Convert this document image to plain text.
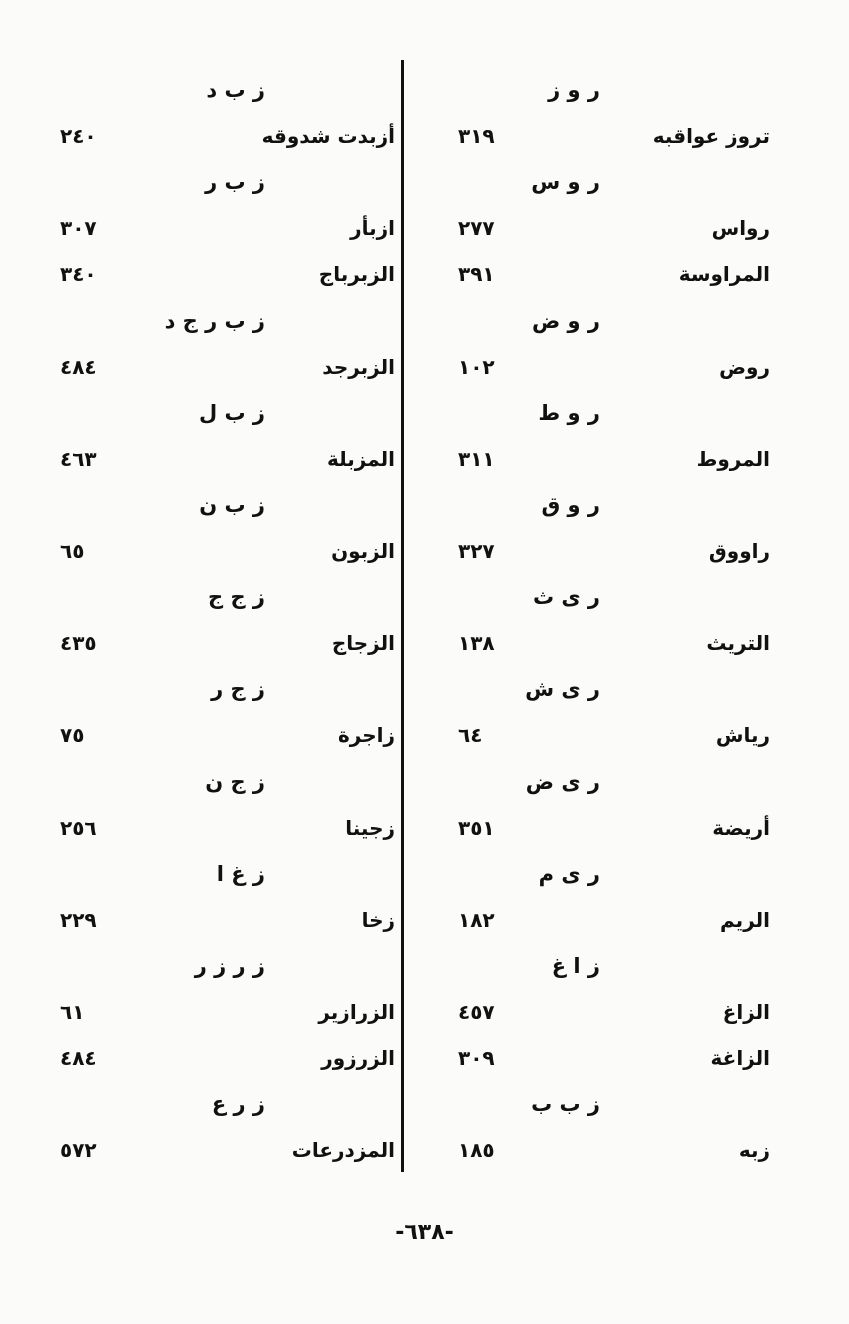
ر و ز
تروز عواقبه
٣١٩
ر و س
رواس
٢٧٧
المراوسة
٣٩١
ر و ض
روض
١٠٢
ر و ط
المروط
٣١١
ر و ق
راووق
٣٢٧
ر ی ث
التريث
١٣٨
ر ی ش
رياش
٦٤
ر ی ض
أريضة
٣٥١
ر ی م
الريم
١٨٢
ز ا غ
الزاغ
٤٥٧
الزاغة
٣٠٩
ز ب ب
زبه
١٨٥
ز ب د
أزبدت شدوقه
٢٤٠
ز ب ر
ازبأر
٣٠٧
الزبرباج
٣٤٠
ز ب ر ج د
الزبرجد
٤٨٤
ز ب ل
المزبلة
٤٦٣
ز ب ن
الزبون
٦٥
ز ج ج
الزجاج
٤٣٥
ز ج ر
زاجرة
٧٥
ز ج ن
زجينا
٢٥٦
ز غ ا
زخا
٢٢٩
ز ر ز ر
الزرازير
٦١
الزرزور
٤٨٤
ز ر ع
المزدرعات
٥٧٢
-٦٣٨-
